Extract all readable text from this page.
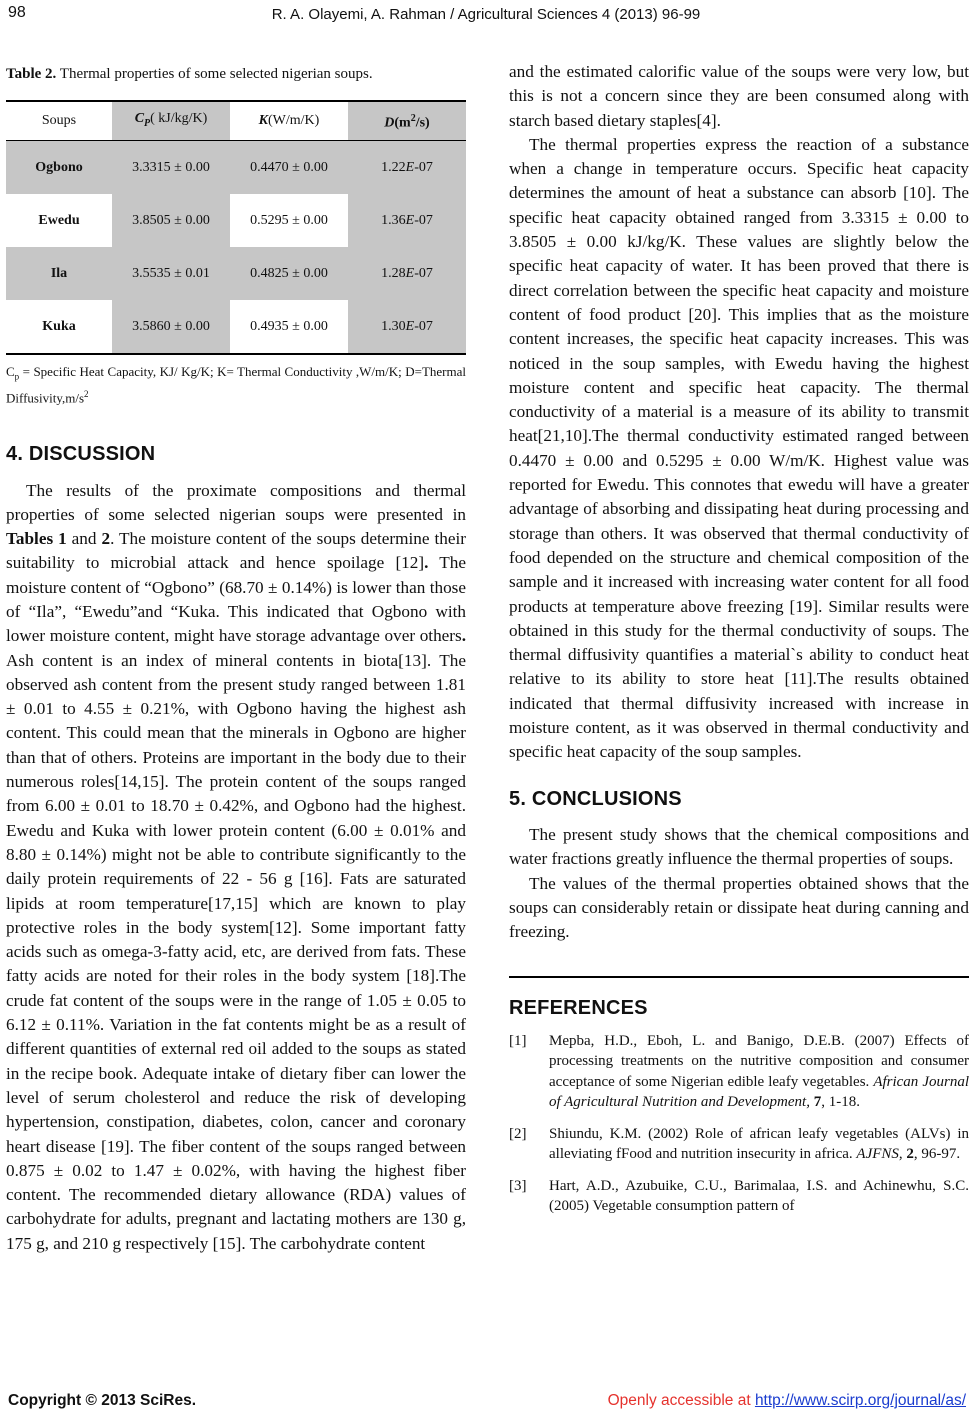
98	R. A. Olayemi, A. Rahman / Agricultural Sciences 4 (2013) 96-99
Table 2. Thermal properties of some selected nigerian soups.
Soups	$C_P$( kJ/kg/K)	K(W/m/K)	$D(m^2/s)$
Ogbono	3.3315 ± 0.00	0.4470 ± 0.00	1.22E-07
Ewedu	3.8505 ± 0.00	0.5295 ± 0.00	1.36E-07
Ila	3.5535 ± 0.01	0.4825 ± 0.00	1.28E-07
Kuka	3.5860 ± 0.00	0.4935 ± 0.00	1.30E-07
$C_p$ = Specific Heat Capacity, KJ/ Kg/K; K= Thermal Conductivity ,W/m/K; D=Thermal $Diffusivity,m/s^2$
4. DISCUSSION

The results of the proximate compositions and thermal properties of some selected nigerian soups were presented in Tables 1 and 2. The moisture content of the soups determine their suitability to microbial attack and hence spoilage [12]. The moisture content of “Ogbono” (68.70 ± 0.14%) is lower than those of “Ila”, “Ewedu”and “Kuka. This indicated that Ogbono with lower moisture content, might have storage advantage over others. Ash content is an index of mineral contents in biota[13]. The observed ash content from the present study ranged between 1.81 ± 0.01 to 4.55 ± 0.21%, with Ogbono having the highest ash content. This could mean that the minerals in Ogbono are higher than that of others. Proteins are important in the body due to their numerous roles[14,15]. The protein content of the soups ranged from 6.00 ± 0.01 to 18.70 ± 0.42%, and Ogbono had the highest. Ewedu and Kuka with lower protein content (6.00 ± 0.01% and 8.80 ± 0.14%) might not be able to contribute significantly to the daily protein requirements of 22 - 56 g [16]. Fats are saturated lipids at room temperature[17,15] which are known to play protective roles in the body system[12]. Some important fatty acids such as omega-3-fatty acid, etc, are derived from fats. These fatty acids are noted for their roles in the body system [18].The crude fat content of the soups were in the range of 1.05 ± 0.05 to 6.12 ± 0.11%. Variation in the fat contents might be as a result of different quantities of external red oil added to the soups as stated in the recipe book. Adequate intake of dietary fiber can lower the level of serum cholesterol and reduce the risk of developing hypertension, constipation, diabetes, colon, cancer and coronary heart disease [19]. The fiber content of the soups ranged between 0.875 ± 0.02 to 1.47 ± 0.02%, with having the highest fiber content. The recommended dietary allowance (RDA) values of carbohydrate for adults, pregnant and lactating mothers are 130 g, 175 g, and 210 g respectively [15]. The carbohydrate content

and the estimated calorific value of the soups were very low, but this is not a concern since they are been consumed along with starch based dietary staples[4].

The thermal properties express the reaction of a substance when a change in temperature occurs. Specific heat capacity determines the amount of heat a substance can absorb [10]. The specific heat capacity obtained ranged from 3.3315 ± 0.00 to 3.8505 ± 0.00 kJ/kg/K. These values are slightly below the specific heat capacity of water. It has been proved that there is direct correlation between the specific heat capacity and moisture content of food product [20]. This implies that as the moisture content increases, the specific heat capacity increases. This was noticed in the soup samples, with Ewedu having the highest moisture content and specific heat capacity. The thermal conductivity of a material is a measure of its ability to transmit heat[21,10].The thermal conductivity estimated ranged between 0.4470 ± 0.00 and 0.5295 ± 0.00 W/m/K. Highest value was reported for Ewedu. This connotes that ewedu will have a greater advantage of absorbing and dissipating heat during processing and storage than others. It was observed that thermal conductivity of food depended on the structure and chemical composition of the sample and it increased with increasing water content for all food products at temperature above freezing [19]. Similar results were obtained in this study for the thermal conductivity of soups. The thermal diffusivity quantifies a material`s ability to conduct heat relative to its ability to store heat [11].The results obtained indicated that thermal diffusivity increased with increase in moisture content, as it was observed in thermal conductivity and specific heat capacity of the soup samples.

5. CONCLUSIONS

The present study shows that the chemical compositions and water fractions greatly influence the thermal properties of soups.

The values of the thermal properties obtained shows that the soups can considerably retain or dissipate heat during canning and freezing.

REFERENCES
[1]	Mepba, H.D., Eboh, L. and Banigo, D.E.B. (2007) Effects of processing treatments on the nutritive composition and consumer acceptance of some Nigerian edible leafy vegetables. African Journal of Agricultural Nutrition and Development, 7, 1-18.
[2]	Shiundu, K.M. (2002) Role of african leafy vegetables (ALVs) in alleviating fFood and nutrition insecurity in africa. AJFNS, 2, 96-97.
[3]	Hart, A.D., Azubuike, C.U., Barimalaa, I.S. and Achinewhu, S.C. (2005) Vegetable consumption pattern of
Copyright © 2013 SciRes.	Openly accessible at http://www.scirp.org/journal/as/
